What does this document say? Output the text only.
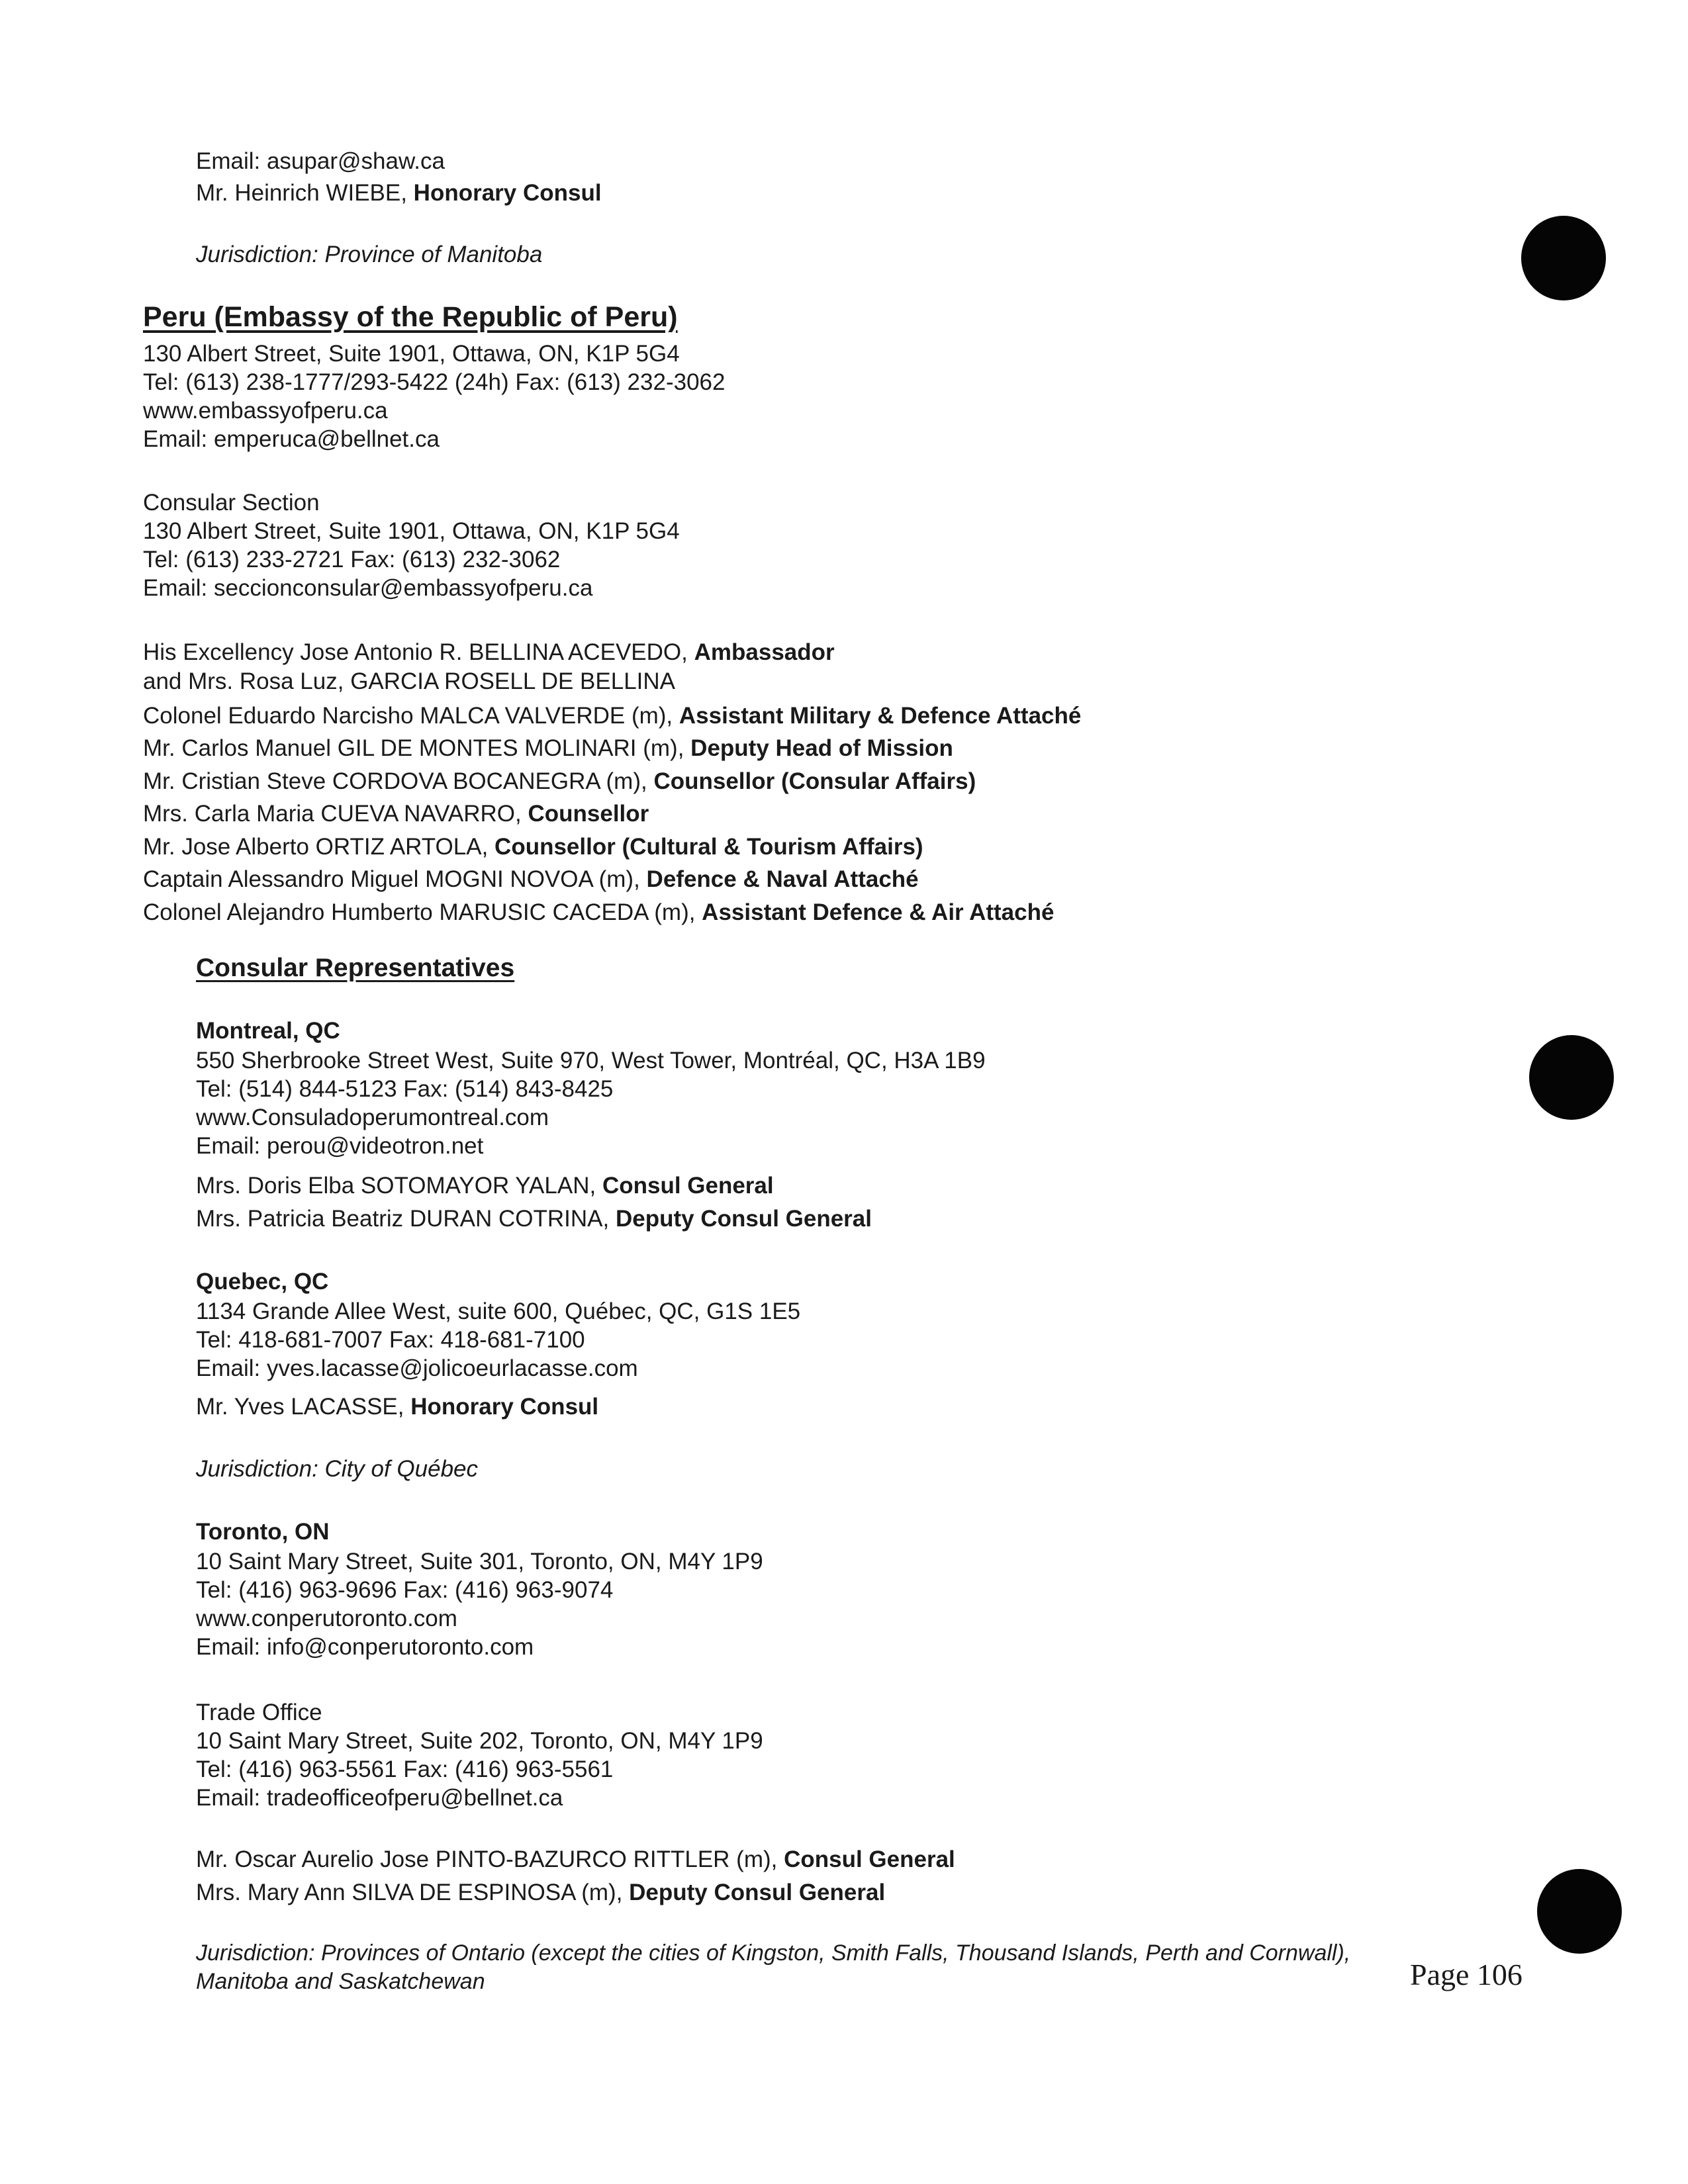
Email: asupar@shaw.ca
Mr. Heinrich WIEBE, Honorary Consul
Jurisdiction: Province of Manitoba
Peru (Embassy of the Republic of Peru)
130 Albert Street, Suite 1901, Ottawa, ON, K1P 5G4
Tel: (613) 238-1777/293-5422 (24h) Fax: (613) 232-3062
www.embassyofperu.ca
Email: emperuca@bellnet.ca
Consular Section
130 Albert Street, Suite 1901, Ottawa, ON, K1P 5G4
Tel: (613) 233-2721 Fax: (613) 232-3062
Email: seccionconsular@embassyofperu.ca
His Excellency Jose Antonio R. BELLINA ACEVEDO, Ambassador
and Mrs. Rosa Luz, GARCIA ROSELL DE BELLINA
Colonel Eduardo Narcisho MALCA VALVERDE (m), Assistant Military & Defence Attaché
Mr. Carlos Manuel GIL DE MONTES MOLINARI (m), Deputy Head of Mission
Mr. Cristian Steve CORDOVA BOCANEGRA (m), Counsellor (Consular Affairs)
Mrs. Carla Maria CUEVA NAVARRO, Counsellor
Mr. Jose Alberto ORTIZ ARTOLA, Counsellor (Cultural & Tourism Affairs)
Captain Alessandro Miguel MOGNI NOVOA (m), Defence & Naval Attaché
Colonel Alejandro Humberto MARUSIC CACEDA (m), Assistant Defence & Air Attaché
Consular Representatives
Montreal, QC
550 Sherbrooke Street West, Suite 970, West Tower, Montréal, QC, H3A 1B9
Tel: (514) 844-5123 Fax: (514) 843-8425
www.Consuladoperumontreal.com
Email: perou@videotron.net
Mrs. Doris Elba SOTOMAYOR YALAN, Consul General
Mrs. Patricia Beatriz DURAN COTRINA, Deputy Consul General
Quebec, QC
1134 Grande Allee West, suite 600, Québec, QC, G1S 1E5
Tel: 418-681-7007 Fax: 418-681-7100
Email: yves.lacasse@jolicoeurlacasse.com
Mr. Yves LACASSE, Honorary Consul
Jurisdiction: City of Québec
Toronto, ON
10 Saint Mary Street, Suite 301, Toronto, ON, M4Y 1P9
Tel: (416) 963-9696 Fax: (416) 963-9074
www.conperutoronto.com
Email: info@conperutoronto.com
Trade Office
10 Saint Mary Street, Suite 202, Toronto, ON, M4Y 1P9
Tel: (416) 963-5561 Fax: (416) 963-5561
Email: tradeofficeofperu@bellnet.ca
Mr. Oscar Aurelio Jose PINTO-BAZURCO RITTLER (m), Consul General
Mrs. Mary Ann SILVA DE ESPINOSA (m), Deputy Consul General
Jurisdiction: Provinces of Ontario (except the cities of Kingston, Smith Falls, Thousand Islands, Perth and Cornwall),
Manitoba and Saskatchewan	Page 106
